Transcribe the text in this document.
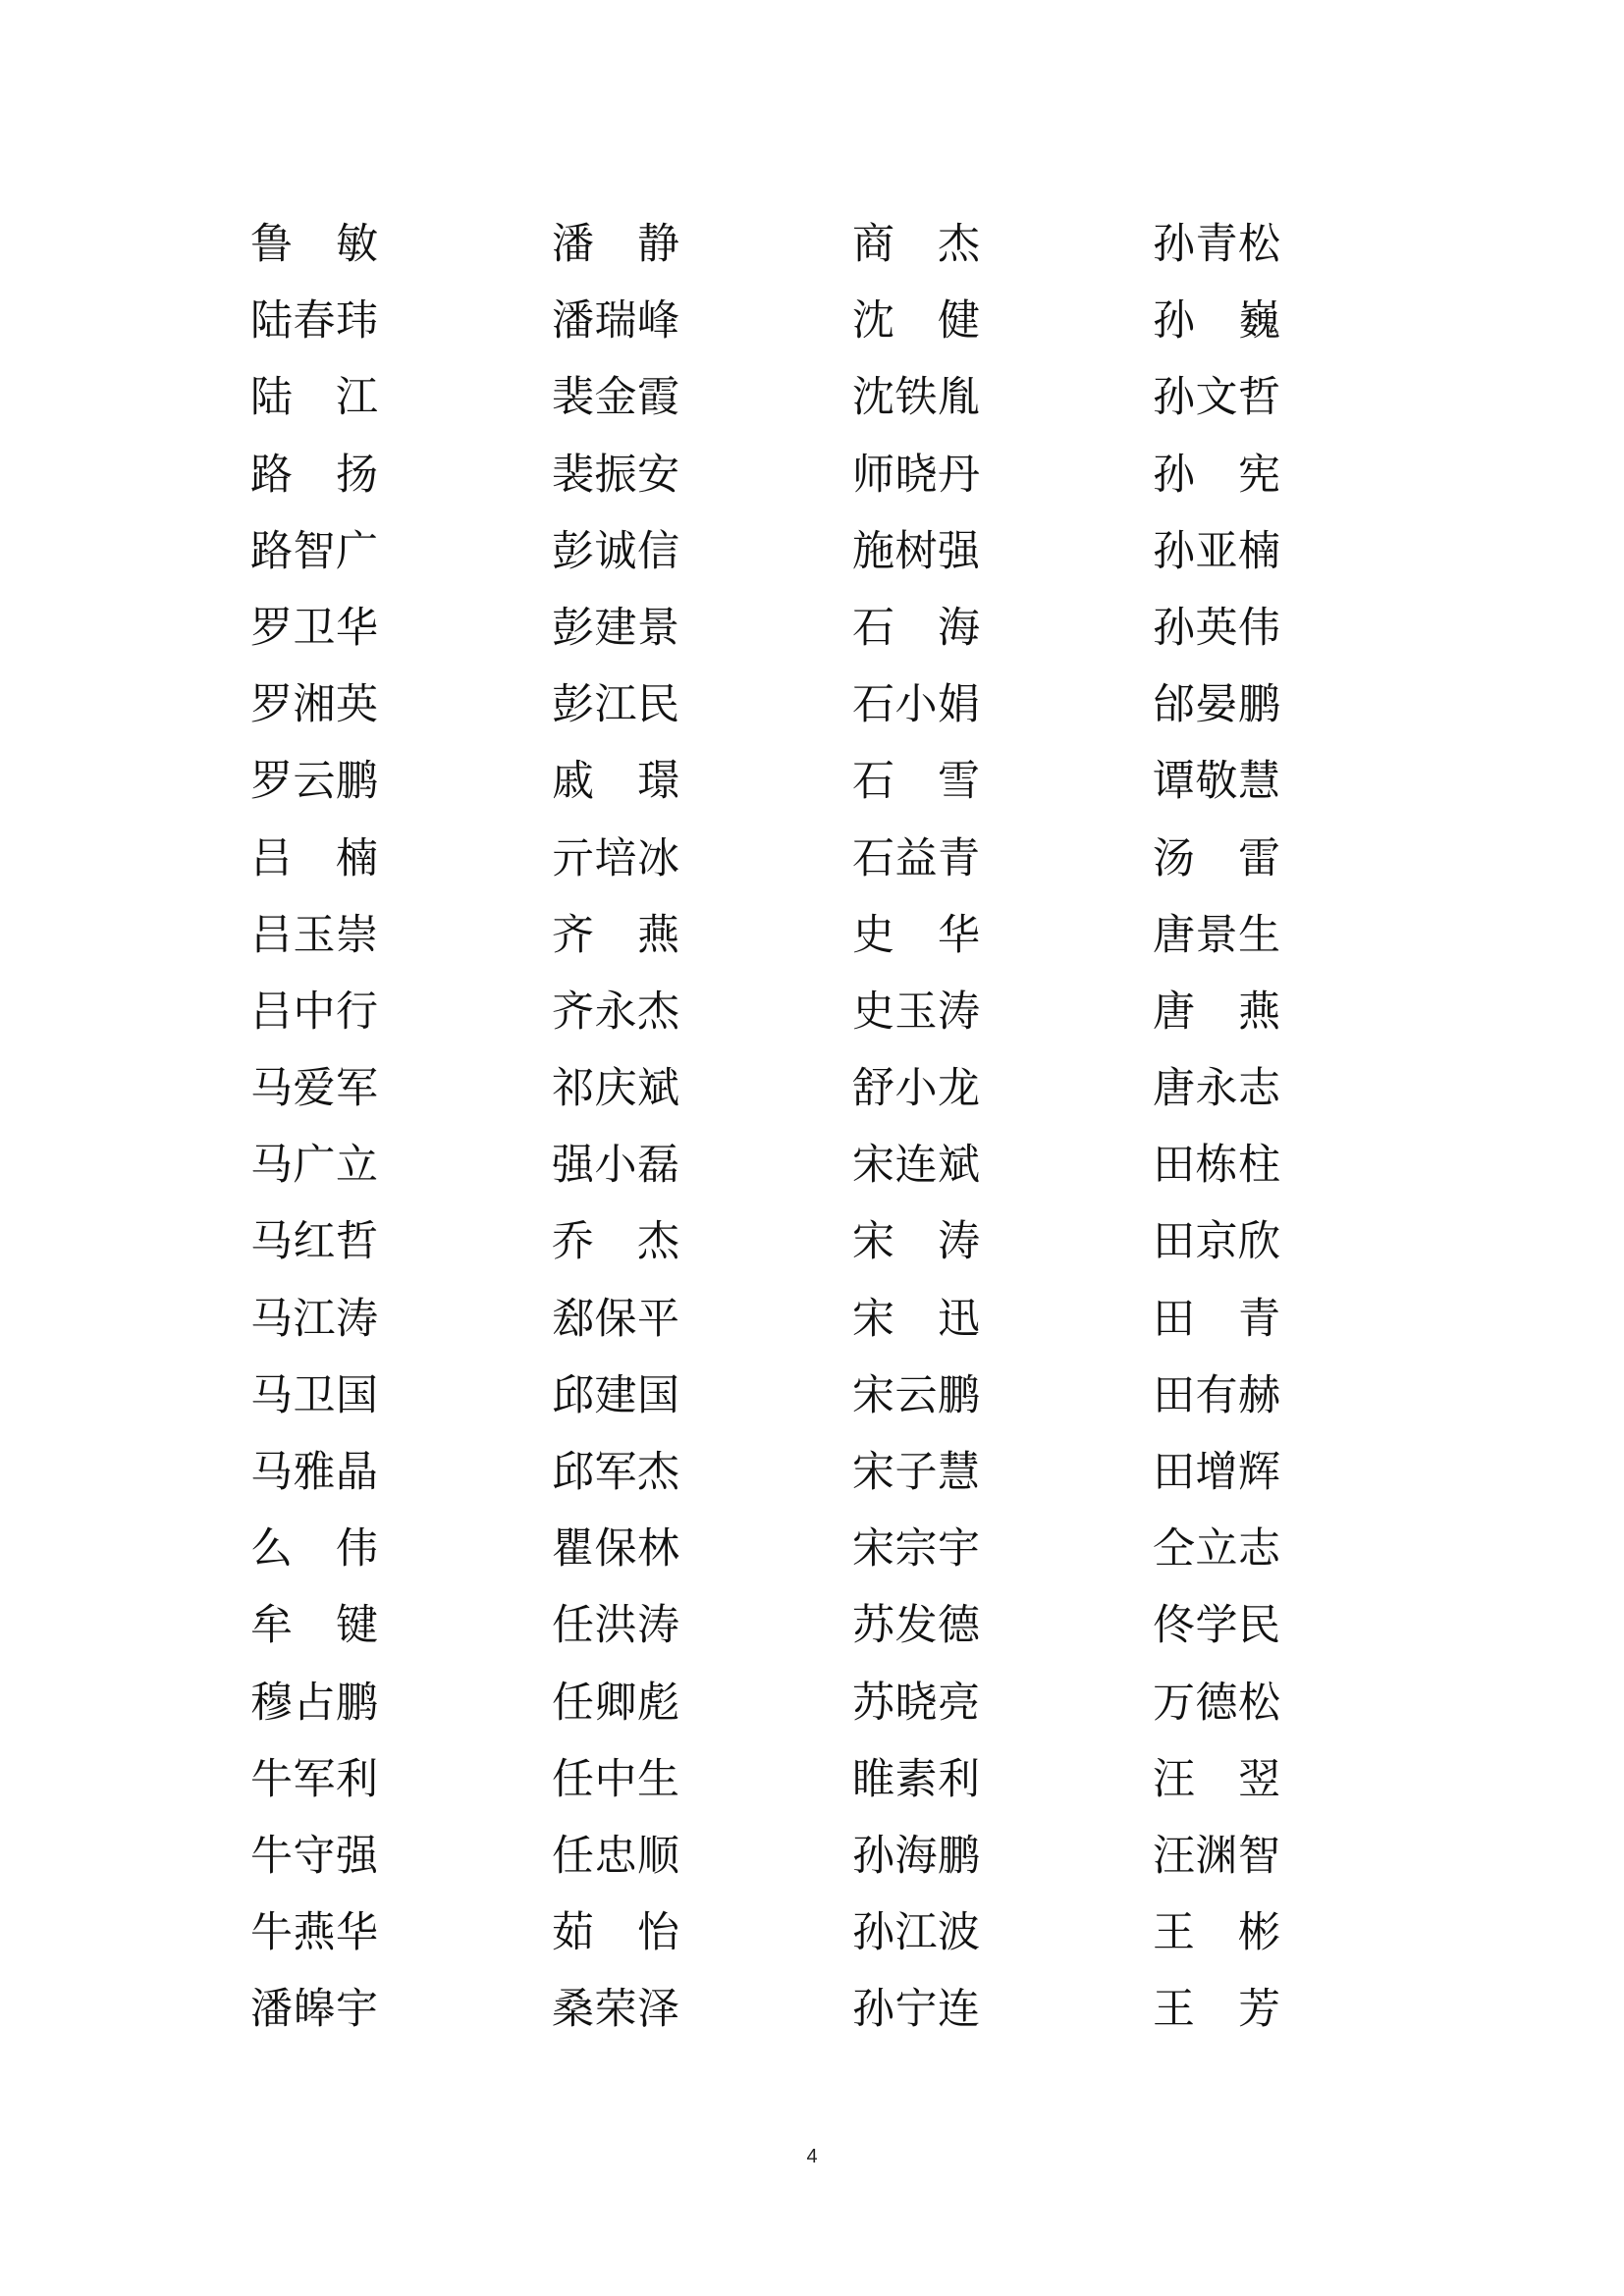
鲁 敏	潘 静	商 杰	孙青松
陆春玮	潘瑞峰	沈 健	孙 巍
陆 江	裴金霞	沈铁胤	孙文哲
路 扬	裴振安	师晓丹	孙 宪
路智广	彭诚信	施树强	孙亚楠
罗卫华	彭建景	石 海	孙英伟
罗湘英	彭江民	石小娟	邰晏鹏
罗云鹏	戚 璟	石 雪	谭敬慧
吕 楠	亓培冰	石益青	汤 雷
吕玉崇	齐 燕	史 华	唐景生
吕中行	齐永杰	史玉涛	唐 燕
马爱军	祁庆斌	舒小龙	唐永志
马广立	强小磊	宋连斌	田栋柱
马红哲	乔 杰	宋 涛	田京欣
马江涛	郄保平	宋 迅	田 青
马卫国	邱建国	宋云鹏	田有赫
马雅晶	邱军杰	宋子慧	田增辉
么 伟	瞿保林	宋宗宇	仝立志
牟 键	任洪涛	苏发德	佟学民
穆占鹏	任卿彪	苏晓亮	万德松
牛军利	任中生	睢素利	汪 翌
牛守强	任忠顺	孙海鹏	汪渊智
牛燕华	茹 怡	孙江波	王 彬
潘皞宇	桑荣泽	孙宁连	王 芳
4
